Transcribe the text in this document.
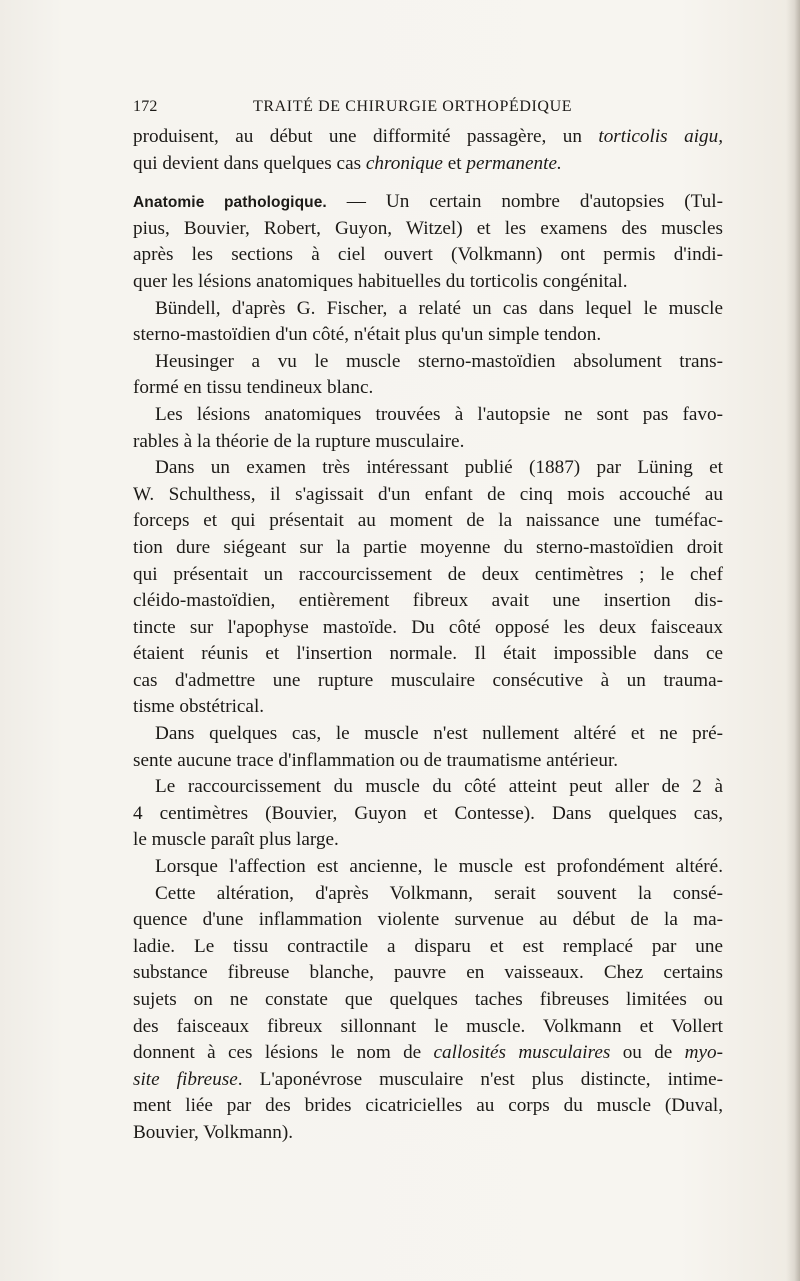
172	TRAITÉ DE CHIRURGIE ORTHOPÉDIQUE
produisent, au début une difformité passagère, un torticolis aigu,
qui devient dans quelques cas chronique et permanente.
Anatomie pathologique. — Un certain nombre d'autopsies (Tul-
pius, Bouvier, Robert, Guyon, Witzel) et les examens des muscles
après les sections à ciel ouvert (Volkmann) ont permis d'indi-
quer les lésions anatomiques habituelles du torticolis congénital.
Bündell, d'après G. Fischer, a relaté un cas dans lequel le muscle
sterno-mastoïdien d'un côté, n'était plus qu'un simple tendon.
Heusinger a vu le muscle sterno-mastoïdien absolument trans-
formé en tissu tendineux blanc.
Les lésions anatomiques trouvées à l'autopsie ne sont pas favo-
rables à la théorie de la rupture musculaire.
Dans un examen très intéressant publié (1887) par Lüning et
W. Schulthess, il s'agissait d'un enfant de cinq mois accouché au
forceps et qui présentait au moment de la naissance une tuméfac-
tion dure siégeant sur la partie moyenne du sterno-mastoïdien droit
qui présentait un raccourcissement de deux centimètres ; le chef
cléido-mastoïdien, entièrement fibreux avait une insertion dis-
tincte sur l'apophyse mastoïde. Du côté opposé les deux faisceaux
étaient réunis et l'insertion normale. Il était impossible dans ce
cas d'admettre une rupture musculaire consécutive à un trauma-
tisme obstétrical.
Dans quelques cas, le muscle n'est nullement altéré et ne pré-
sente aucune trace d'inflammation ou de traumatisme antérieur.
Le raccourcissement du muscle du côté atteint peut aller de 2 à
4 centimètres (Bouvier, Guyon et Contesse). Dans quelques cas,
le muscle paraît plus large.
Lorsque l'affection est ancienne, le muscle est profondément altéré.
Cette altération, d'après Volkmann, serait souvent la consé-
quence d'une inflammation violente survenue au début de la ma-
ladie. Le tissu contractile a disparu et est remplacé par une
substance fibreuse blanche, pauvre en vaisseaux. Chez certains
sujets on ne constate que quelques taches fibreuses limitées ou
des faisceaux fibreux sillonnant le muscle. Volkmann et Vollert
donnent à ces lésions le nom de callosités musculaires ou de myo-
site fibreuse. L'aponévrose musculaire n'est plus distincte, intime-
ment liée par des brides cicatricielles au corps du muscle (Duval,
Bouvier, Volkmann).
